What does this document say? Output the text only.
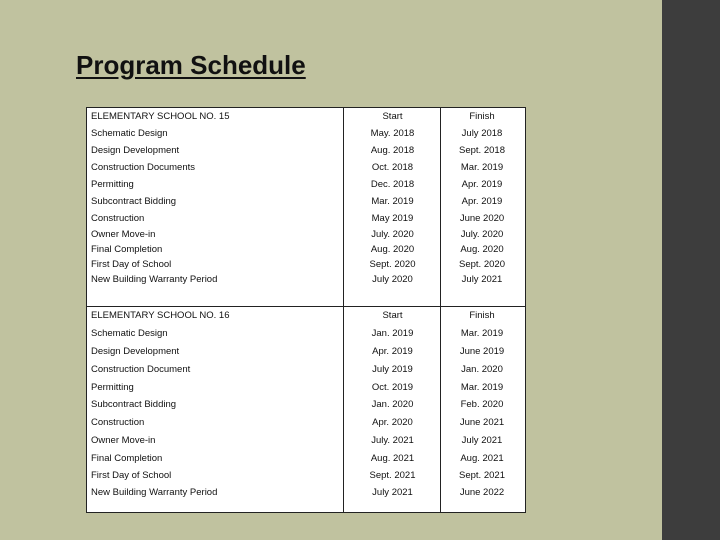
Program Schedule
ELEMENTARY SCHOOL NO. 15	Start	Finish
Schematic Design	May. 2018	July 2018
Design Development	Aug. 2018	Sept. 2018
Construction Documents	Oct. 2018	Mar. 2019
Permitting	Dec. 2018	Apr. 2019
Subcontract Bidding	Mar. 2019	Apr. 2019
Construction	May 2019	June 2020
Owner Move-in	July. 2020	July. 2020
Final Completion	Aug. 2020	Aug. 2020
First Day of School	Sept. 2020	Sept. 2020
New Building Warranty Period	July 2020	July 2021
ELEMENTARY SCHOOL NO. 16	Start	Finish
Schematic Design	Jan. 2019	Mar. 2019
Design Development	Apr. 2019	June 2019
Construction Document	July 2019	Jan. 2020
Permitting	Oct. 2019	Mar. 2019
Subcontract Bidding	Jan. 2020	Feb. 2020
Construction	Apr. 2020	June 2021
Owner Move-in	July. 2021	July 2021
Final Completion	Aug. 2021	Aug. 2021
First Day of School	Sept. 2021	Sept. 2021
New Building Warranty Period	July 2021	June 2022
